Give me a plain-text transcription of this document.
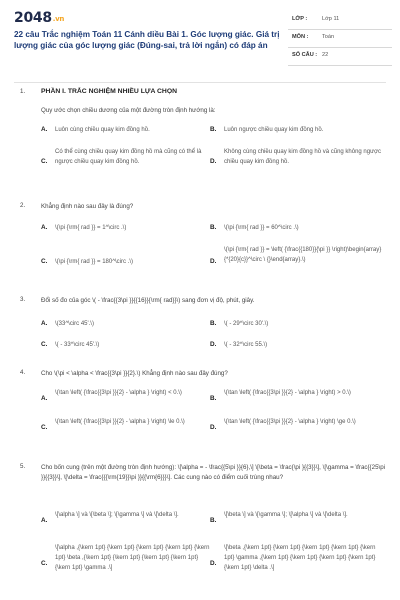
2048.vn
22 câu Trắc nghiệm Toán 11 Cánh diều Bài 1. Góc lượng giác. Giá trị lượng giác của góc lượng giác (Đúng-sai, trả lời ngắn) có đáp án
LỚP :	Lớp 11
MÔN : Toán
SỐ CÂU : 22
1. PHẦN I. TRẮC NGHIỆM NHIỀU LỰA CHỌN

Quy ước chọn chiều dương của một đường tròn định hướng là:

A. Luôn cùng chiều quay kim đồng hồ.	B. Luôn ngược chiều quay kim đồng hồ.

C.

Có thể cùng chiều quay kim đồng hồ mà cũng có thể là ngược chiều quay kim đồng hồ.	D.

Không cùng chiều quay kim đồng hồ và cũng không ngược chiều quay kim đồng hồ.

2.	Khẳng định nào sau đây là đúng?

A. \(\pi {\rm{ rad }} = 1^\circ .\)	B. \(\pi {\rm{ rad }} = 60^\circ .\)

C. \(\pi {\rm{ rad }} = 180^\circ .\)	D.

\(\pi {\rm{ rad }} = \left( {\frac{{180}}{\pi }} \right)\begin{array}{*{20}{c}}^\circ \ {}\end{array}.\)

3.	Đổi số đo của góc \( - \frac{{3\pi }}{{16}}{\rm{ rad}}\) sang đơn vị độ, phút, giây.

A. \(33^\circ 45'.\)	B. \( - 29^\circ 30'.\)

C. \( - 33^\circ 45'.\)	D. \( - 32^\circ 55.\)

4.	Cho \(\pi < \alpha < \frac{{3\pi }}{2}.\) Khẳng định nào sau đây đúng?

A.

\(\tan \left( {\frac{{3\pi }}{2} - \alpha } \right) < 0.\)

B.

\(\tan \left( {\frac{{3\pi }}{2} - \alpha } \right) > 0.\)

C.

\(\tan \left( {\frac{{3\pi }}{2} - \alpha } \right) \le 0.\)

D.

\(\tan \left( {\frac{{3\pi }}{2} - \alpha } \right) \ge 0.\)

5.	Cho bốn cung (trên một đường tròn định hướng): \[\alpha = - \frac{{5\pi }}{6},\] \[\beta = \frac{\pi }{{3}}\], \[\gamma = \frac{{25\pi }}{{3}}\], \[\delta = \frac{{{\rm{19}}\pi }}{{\rm{6}}}\]. Các cung nào có điểm cuối trùng nhau?

A.

\[\alpha \] và \[\beta \]; \[\gamma \] và \[\delta \].

B.

\[\beta \] và \[\gamma \]; \[\alpha \] và \[\delta \].

C.

\[\alpha ,{\kern 1pt} {\kern 1pt} {\kern 1pt} {\kern 1pt} {\kern 1pt} \beta ,{\kern 1pt} {\kern 1pt} {\kern 1pt} {\kern 1pt} {\kern 1pt} \gamma .\]

D.

\[\beta ,{\kern 1pt} {\kern 1pt} {\kern 1pt} {\kern 1pt} {\kern 1pt} \gamma ,{\kern 1pt} {\kern 1pt} {\kern 1pt} {\kern 1pt} {\kern 1pt} \delta .\]
